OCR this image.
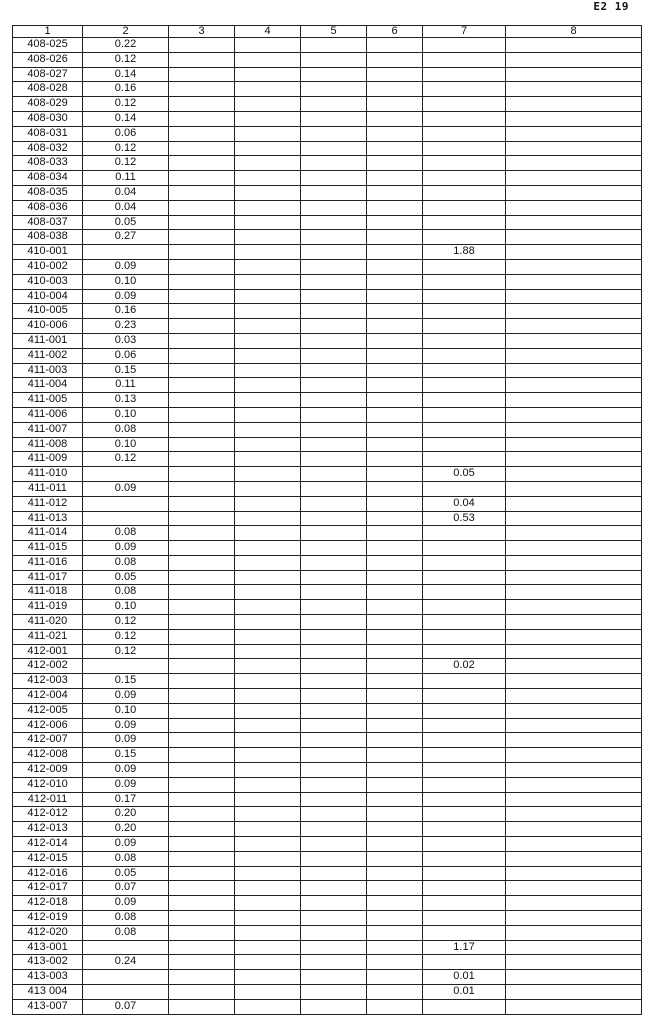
E2 19
1	2	3	4	5	6	7	8
408-025	0.22						
408-026	0.12						
408-027	0.14						
408-028	0.16						
408-029	0.12						
408-030	0.14						
408-031	0.06						
408-032	0.12						
408-033	0.12						
408-034	0.11						
408-035	0.04						
408-036	0.04						
408-037	0.05						
408-038	0.27						
410-001						1.88	
410-002	0.09						
410-003	0.10						
410-004	0.09						
410-005	0.16						
410-006	0.23						
411-001	0.03						
411-002	0.06						
411-003	0.15						
411-004	0.11						
411-005	0.13						
411-006	0.10						
411-007	0.08						
411-008	0.10						
411-009	0.12						
411-010						0.05	
411-011	0.09						
411-012						0.04	
411-013						0.53	
411-014	0.08						
411-015	0.09						
411-016	0.08						
411-017	0.05						
411-018	0.08						
411-019	0.10						
411-020	0.12						
411-021	0.12						
412-001	0.12						
412-002						0.02	
412-003	0.15						
412-004	0.09						
412-005	0.10						
412-006	0.09						
412-007	0.09						
412-008	0.15						
412-009	0.09						
412-010	0.09						
412-011	0.17						
412-012	0.20						
412-013	0.20						
412-014	0.09						
412-015	0.08						
412-016	0.05						
412-017	0.07						
412-018	0.09						
412-019	0.08						
412-020	0.08						
413-001						1.17	
413-002	0.24						
413-003						0.01	
413 004						0.01	
413-007	0.07						
